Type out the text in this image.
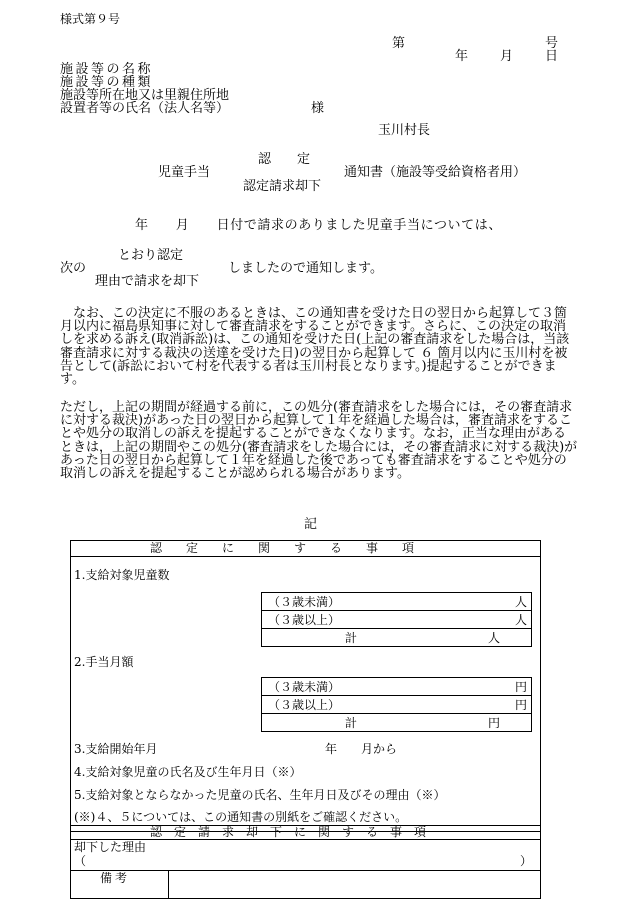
様式第９号
第	号
年 月 日
施設等の名称
施設等の種類
施設等所在地又は里親住所地
設置者等の氏名（法人名等）	様
玉川村長
認　　定
児童手当	通知書（施設等受給資格者用）
認定請求却下
年　　月　　日付で請求のありました児童手当については、
とおり認定
次の	しましたので通知します。
理由で請求を却下
　なお、この決定に不服のあるときは、この通知書を受けた日の翌日から起算して３箇月以内に福島県知事に対して審査請求をすることができます。さらに、この決定の取消しを求める訴え(取消訴訟)は、この通知を受けた日(上記の審査請求をした場合は，当該審査請求に対する裁決の送達を受けた日)の翌日から起算して ６ 箇月以内に玉川村を被告として(訴訟において村を代表する者は玉川村長となります。)提起することができます。
ただし，上記の期間が経過する前に，この処分(審査請求をした場合には，その審査請求に対する裁決)があった日の翌日から起算して１年を経過した場合は，審査請求をすることや処分の取消しの訴えを提起することができなくなります。なお，正当な理由があるときは，上記の期間やこの処分(審査請求をした場合には，その審査請求に対する裁決)があった日の翌日から起算して１年を経過した後であっても審査請求をすることや処分の取消しの訴えを提起することが認められる場合があります。
記
認　　定　　に　　関　　す　　る　　事　　項
1.支給対象児童数
（３歳未満）	人
（３歳以上）	人
計	人
2.手当月額
（３歳未満）	円
（３歳以上）	円
計	円
3.支給開始年月	年　　月から
4.支給対象児童の氏名及び生年月日（※）
5.支給対象とならなかった児童の氏名、生年月日及びその理由（※）
(※)４、５については、この通知書の別紙をご確認ください。
認　定　請　求　却　下　に　関　す　る　事　項
却下した理由
（	）
備考
